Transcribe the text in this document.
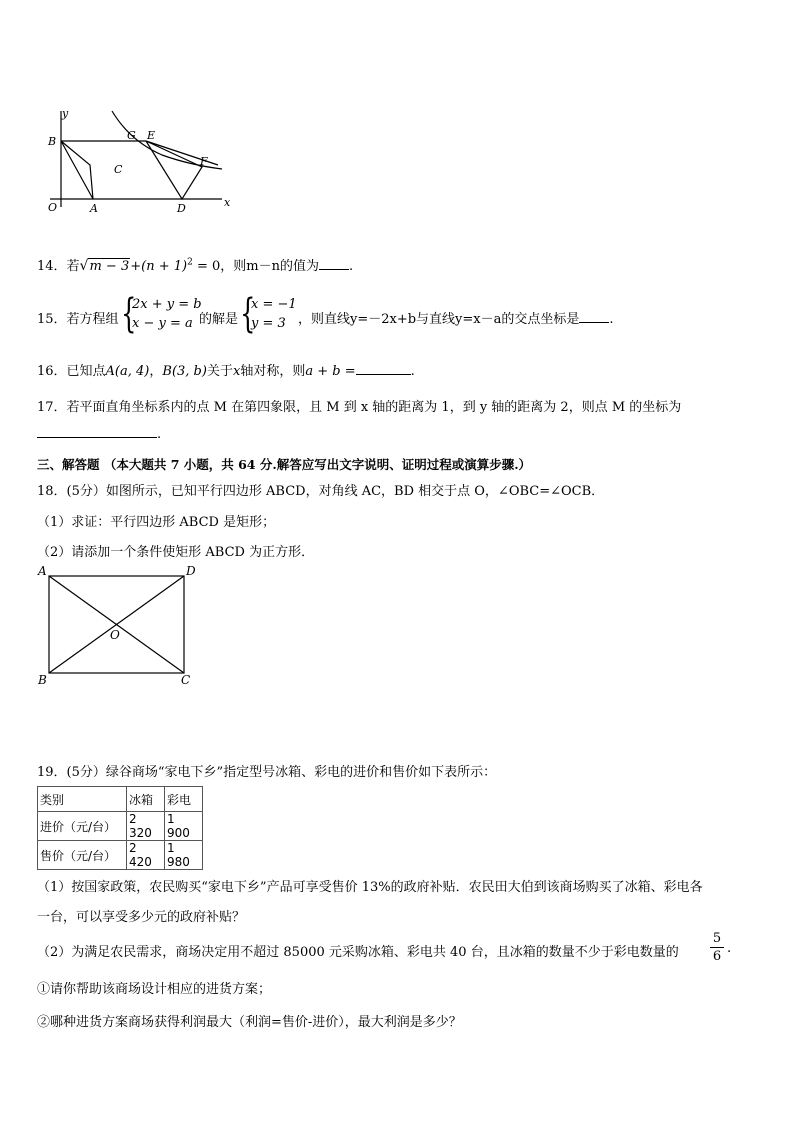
y
x
O	A
B
C
D
E
F
G
14．若$√m - 3+(n + 1)^2 = 0$，则m－n的值为 .
15．若方程组 {
2x + y = b
x − y = a 的解是 {
x = −1
y = 3 ，则直线y=－2x+b与直线y=x－a的交点坐标是 .
16．已知点A(a, 4)，B(3, b)关于x轴对称，则a + b =	.
17．若平面直角坐标系内的点 M 在第四象限，且 M 到 x 轴的距离为 1，到 y 轴的距离为 2，则点 M 的坐标为
.
三、解答题 （本大题共 7 小题，共 64 分.解答应写出文字说明、证明过程或演算步骤.）
18．(5分）如图所示，已知平行四边形 ABCD，对角线 AC，BD 相交于点 O，∠OBC=∠OCB．
（1）求证：平行四边形 ABCD 是矩形；
（2）请添加一个条件使矩形 ABCD 为正方形．
A	D
B	C
O
19．(5分）绿谷商场“家电下乡”指定型号冰箱、彩电的进价和售价如下表所示：
类别	冰箱	彩电
进价（元/台）	2 320	1 900
售价（元/台）	2 420	1 980
（1）按国家政策，农民购买“家电下乡”产品可享受售价 13%的政府补贴．农民田大伯到该商场购买了冰箱、彩电各
一台，可以享受多少元的政府补贴？
（2）为满足农民需求，商场决定用不超过 85000 元采购冰箱、彩电共 40 台，且冰箱的数量不少于彩电数量的
5
6
.
①请你帮助该商场设计相应的进货方案；
②哪种进货方案商场获得利润最大（利润=售价-进价），最大利润是多少？
